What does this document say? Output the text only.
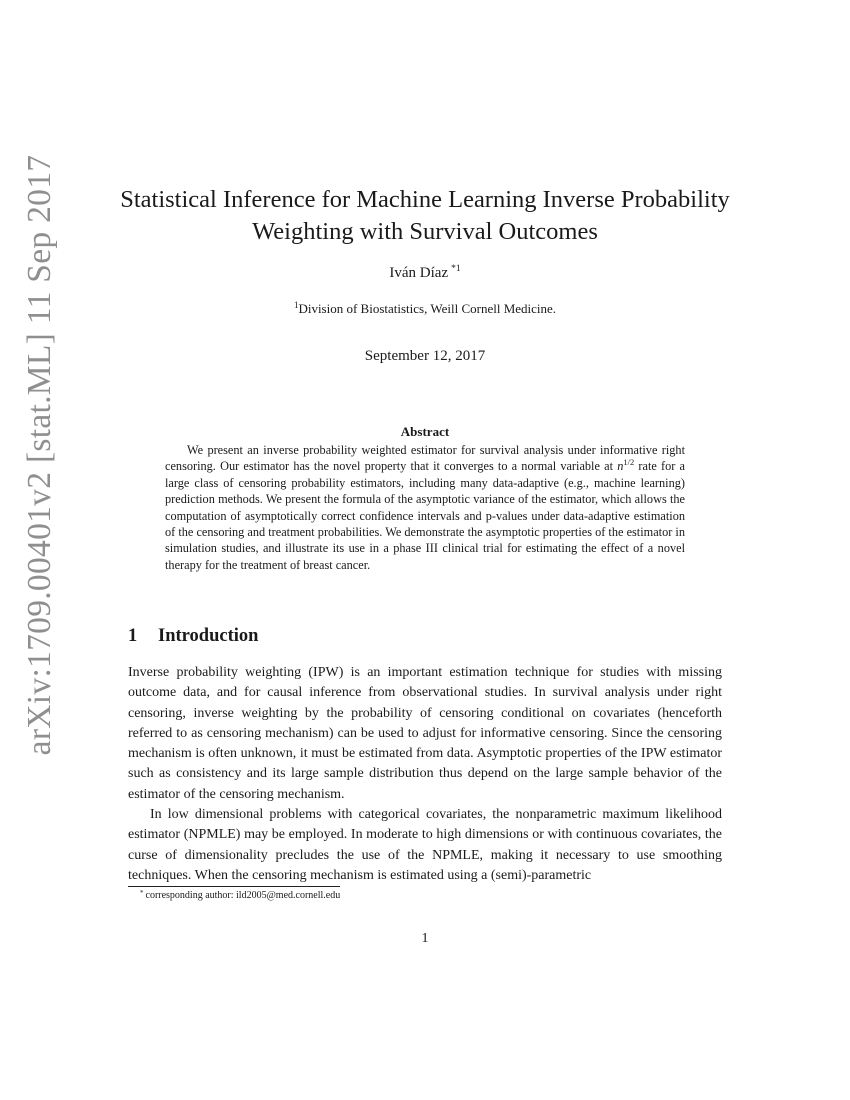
arXiv:1709.00401v2 [stat.ML] 11 Sep 2017	Statistical Inference for Machine Learning Inverse Probability Weighting with Survival Outcomes
Iván Díaz $^{*1}$
$^1$Division of Biostatistics, Weill Cornell Medicine.
September 12, 2017
Abstract
We present an inverse probability weighted estimator for survival analysis under informative right censoring. Our estimator has the novel property that it converges to a normal variable at $n^{1/2}$ rate for a large class of censoring probability estimators, including many data-adaptive (e.g., machine learning) prediction methods. We present the formula of the asymptotic variance of the estimator, which allows the computation of asymptotically correct confidence intervals and p-values under data-adaptive estimation of the censoring and treatment probabilities. We demonstrate the asymptotic properties of the estimator in simulation studies, and illustrate its use in a phase III clinical trial for estimating the effect of a novel therapy for the treatment of breast cancer.
1 Introduction
Inverse probability weighting (IPW) is an important estimation technique for studies with missing outcome data, and for causal inference from observational studies. In survival analysis under right censoring, inverse weighting by the probability of censoring conditional on covariates (henceforth referred to as censoring mechanism) can be used to adjust for informative censoring. Since the censoring mechanism is often unknown, it must be estimated from data. Asymptotic properties of the IPW estimator such as consistency and its large sample distribution thus depend on the large sample behavior of the estimator of the censoring mechanism.
In low dimensional problems with categorical covariates, the nonparametric maximum likelihood estimator (NPMLE) may be employed. In moderate to high dimensions or with continuous covariates, the curse of dimensionality precludes the use of the NPMLE, making it necessary to use smoothing techniques. When the censoring mechanism is estimated using a (semi)-parametric
* corresponding author: ild2005@med.cornell.edu
1
